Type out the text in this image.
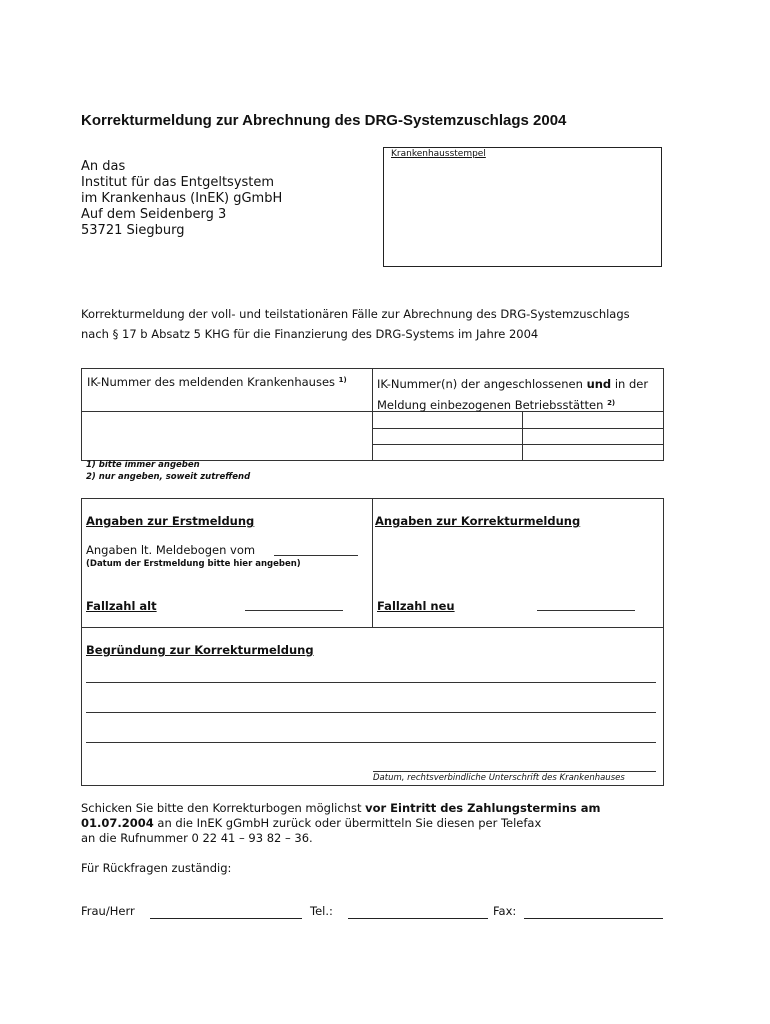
Korrekturmeldung zur Abrechnung des DRG-Systemzuschlags 2004
An das
Institut für das Entgeltsystem
im Krankenhaus (InEK) gGmbH
Auf dem Seidenberg 3
53721 Siegburg
Krankenhausstempel
Korrekturmeldung der voll- und teilstationären Fälle zur Abrechnung des DRG-Systemzuschlags
nach § 17 b Absatz 5 KHG für die Finanzierung des DRG-Systems im Jahre 2004
IK-Nummer des meldenden Krankenhauses $^{1)}$	IK-Nummer(n) der angeschlossenen und in der
Meldung einbezogenen Betriebsstätten $^{2)}$
1) bitte immer angeben
2) nur angeben, soweit zutreffend
Angaben zur Erstmeldung
Angaben lt. Meldebogen vom
(Datum der Erstmeldung bitte hier angeben)
Fallzahl alt
Angaben zur Korrekturmeldung
Fallzahl neu
Begründung zur Korrekturmeldung
Datum, rechtsverbindliche Unterschrift des Krankenhauses
Schicken Sie bitte den Korrekturbogen möglichst vor Eintritt des Zahlungstermins am
01.07.2004 an die InEK gGmbH zurück oder übermitteln Sie diesen per Telefax
an die Rufnummer 0 22 41 – 93 82 – 36.
Für Rückfragen zuständig:
Frau/Herr	Tel.:	Fax:
